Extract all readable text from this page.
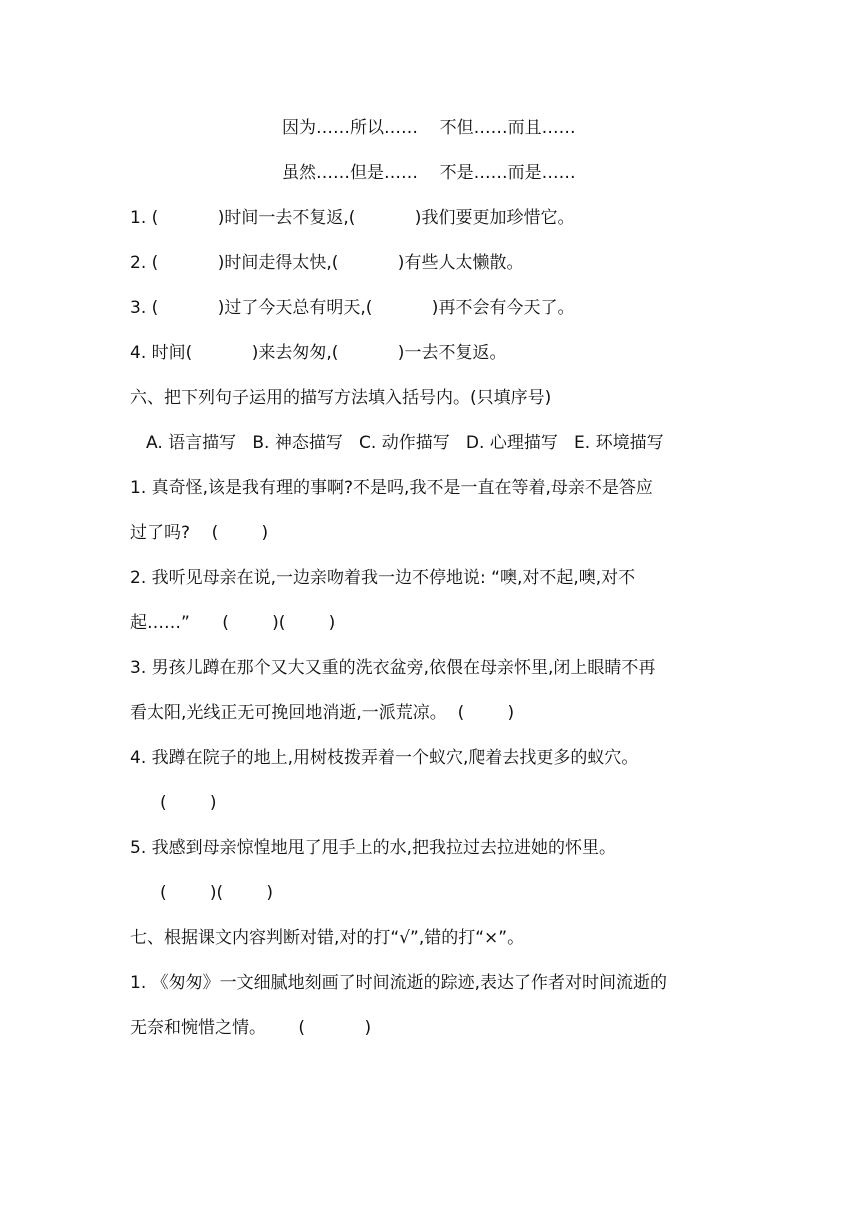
因为……所以……    不但……而且……
虽然……但是……    不是……而是……
1. (           )时间一去不复返,(           )我们要更加珍惜它。
2. (           )时间走得太快,(           )有些人太懒散。
3. (           )过了今天总有明天,(           )再不会有今天了。
4. 时间(           )来去匆匆,(           )一去不复返。
六、把下列句子运用的描写方法填入括号内。(只填序号)
A. 语言描写   B. 神态描写   C. 动作描写   D. 心理描写   E. 环境描写
1. 真奇怪,该是我有理的事啊?不是吗,我不是一直在等着,母亲不是答应
过了吗?    (        )
2. 我听见母亲在说,一边亲吻着我一边不停地说: “噢,对不起,噢,对不
起……”      (        )(        )
3. 男孩儿蹲在那个又大又重的洗衣盆旁,依偎在母亲怀里,闭上眼睛不再
看太阳,光线正无可挽回地消逝,一派荒凉。  (        )
4. 我蹲在院子的地上,用树枝拨弄着一个蚁穴,爬着去找更多的蚁穴。
(        )
5. 我感到母亲惊惶地甩了甩手上的水,把我拉过去拉进她的怀里。
(        )(        )
七、根据课文内容判断对错,对的打“√”,错的打“×”。
1. 《匆匆》一文细腻地刻画了时间流逝的踪迹,表达了作者对时间流逝的
无奈和惋惜之情。      (           )
